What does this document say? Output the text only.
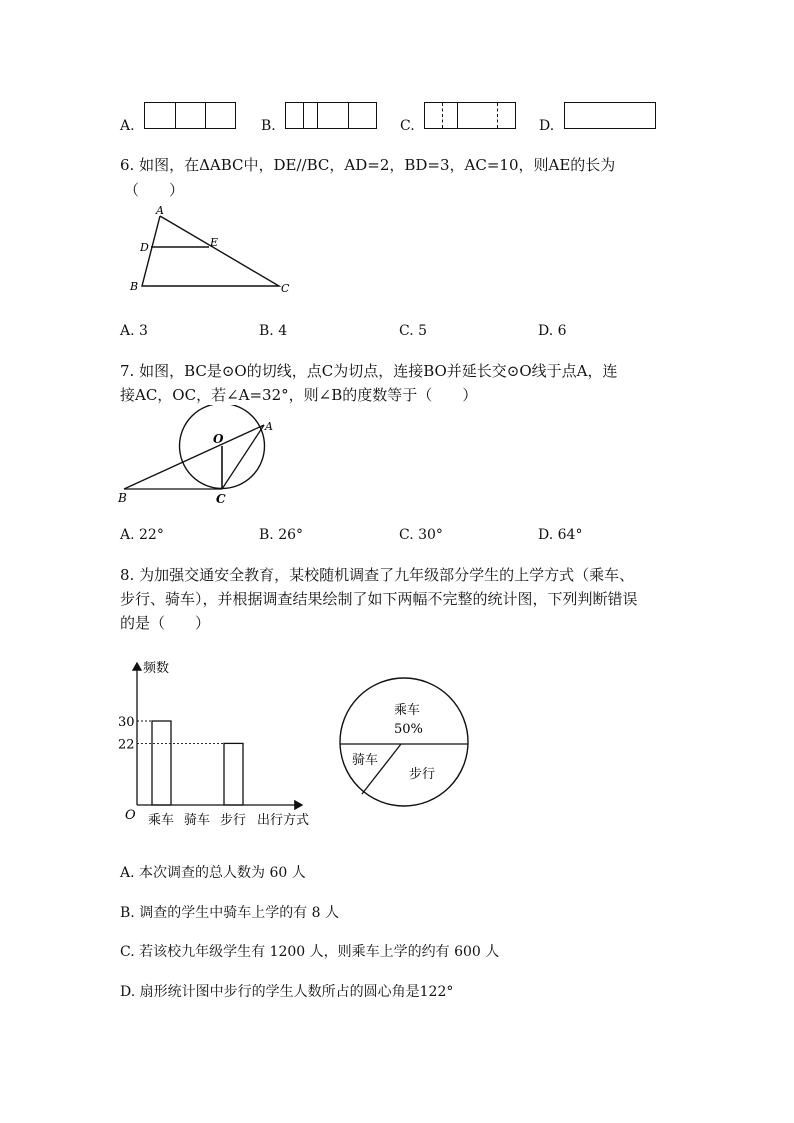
A.	B.	C.	D.
6. 如图，在ΔABC中，DE//BC，AD=2，BD=3，AC=10，则AE的长为
（　　）
A
D	E
B	C
A. 3	B. 4	C. 5	D. 6
7. 如图，BC是⊙O的切线，点C为切点，连接BO并延长交⊙O线于点A，连
接AC，OC，若∠A=32°，则∠B的度数等于（　　）
O
A
B	C
A. 22°	B. 26°	C. 30°	D. 64°
8. 为加强交通安全教育，某校随机调查了九年级部分学生的上学方式（乘车、
步行、骑车），并根据调查结果绘制了如下两幅不完整的统计图，下列判断错误
的是（　　）
频数
O	出行方式
乘车 骑车 步行
30
22
乘车
50%
骑车
步行
A. 本次调查的总人数为 60 人
B. 调查的学生中骑车上学的有 8 人
C. 若该校九年级学生有 1200 人，则乘车上学的约有 600 人
D. 扇形统计图中步行的学生人数所占的圆心角是122°
